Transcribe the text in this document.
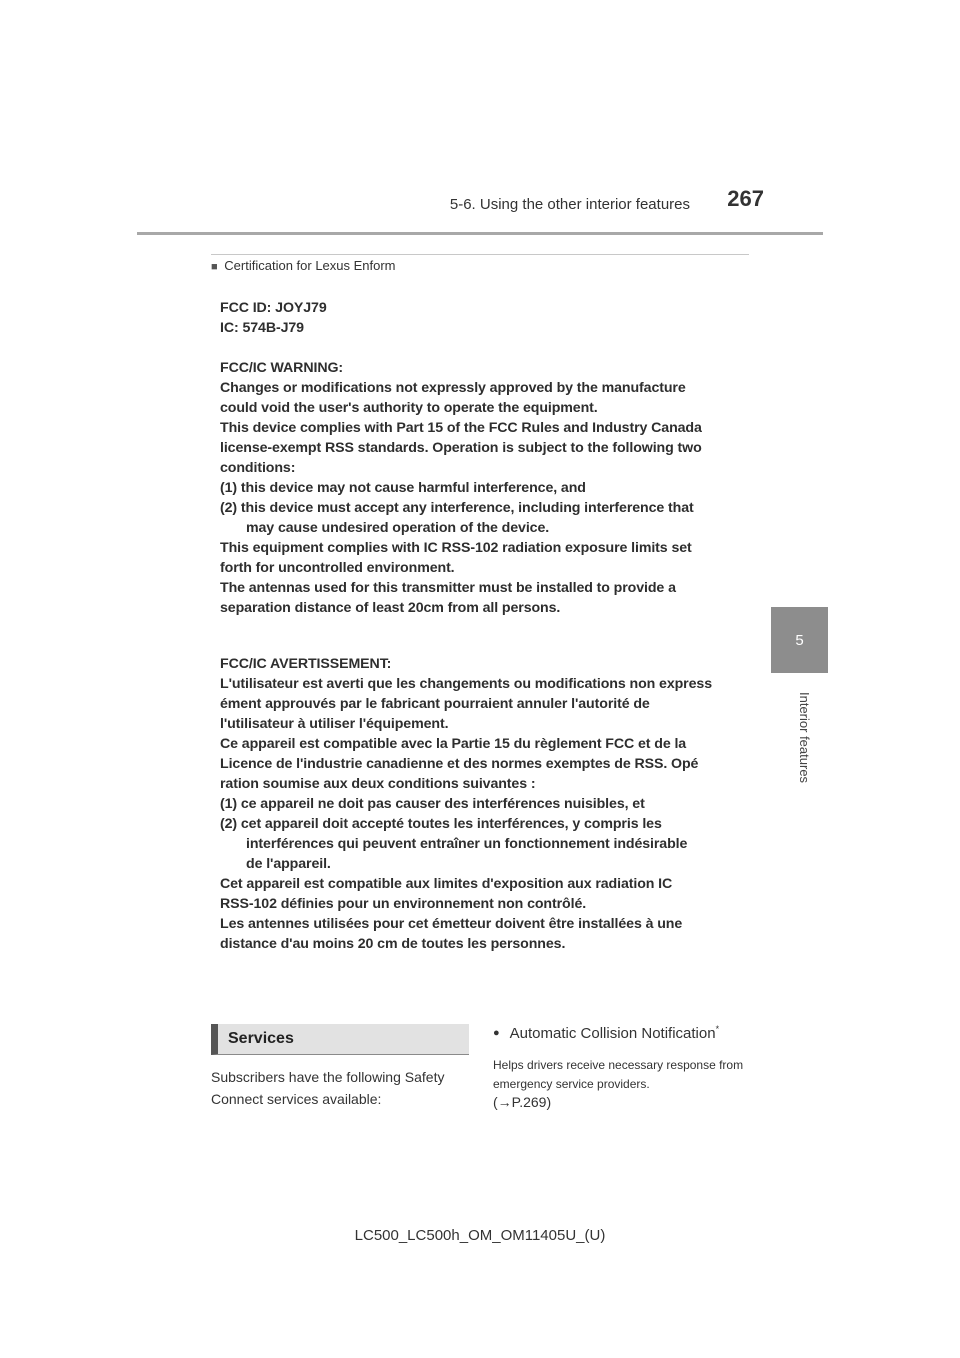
5-6. Using the other interior features	267
■ Certification for Lexus Enform
5
Interior features
FCC ID: JOYJ79
IC: 574B-J79
FCC/IC WARNING:
Changes or modifications not expressly approved by the manufacture
could void the user's authority to operate the equipment.
This device complies with Part 15 of the FCC Rules and Industry Canada
license-exempt RSS standards. Operation is subject to the following two
conditions:
(1) this device may not cause harmful interference, and
(2) this device must accept any interference, including interference that
may cause undesired operation of the device.
This equipment complies with IC RSS-102 radiation exposure limits set
forth for uncontrolled environment.
The antennas used for this transmitter must be installed to provide a
separation distance of least 20cm from all persons.
FCC/IC AVERTISSEMENT:
L'utilisateur est averti que les changements ou modifications non express
ément approuvés par le fabricant pourraient annuler l'autorité de
l'utilisateur à utiliser l'équipement.
Ce appareil est compatible avec la Partie 15 du règlement FCC et de la
Licence de l'industrie canadienne et des normes exemptes de RSS. Opé
ration soumise aux deux conditions suivantes :
(1) ce appareil ne doit pas causer des interférences nuisibles, et
(2) cet appareil doit accepté toutes les interférences, y compris les
interférences qui peuvent entraîner un fonctionnement indésirable
de l'appareil.
Cet appareil est compatible aux limites d'exposition aux radiation IC
RSS-102 définies pour un environnement non contrôlé.
Les antennes utilisées pour cet émetteur doivent être installées à une
distance d'au moins 20 cm de toutes les personnes.
Services
Subscribers have the following Safety Connect services available:
● Automatic Collision Notification*
Helps drivers receive necessary response from emergency service providers.
(→P.269)
LC500_LC500h_OM_OM11405U_(U)
